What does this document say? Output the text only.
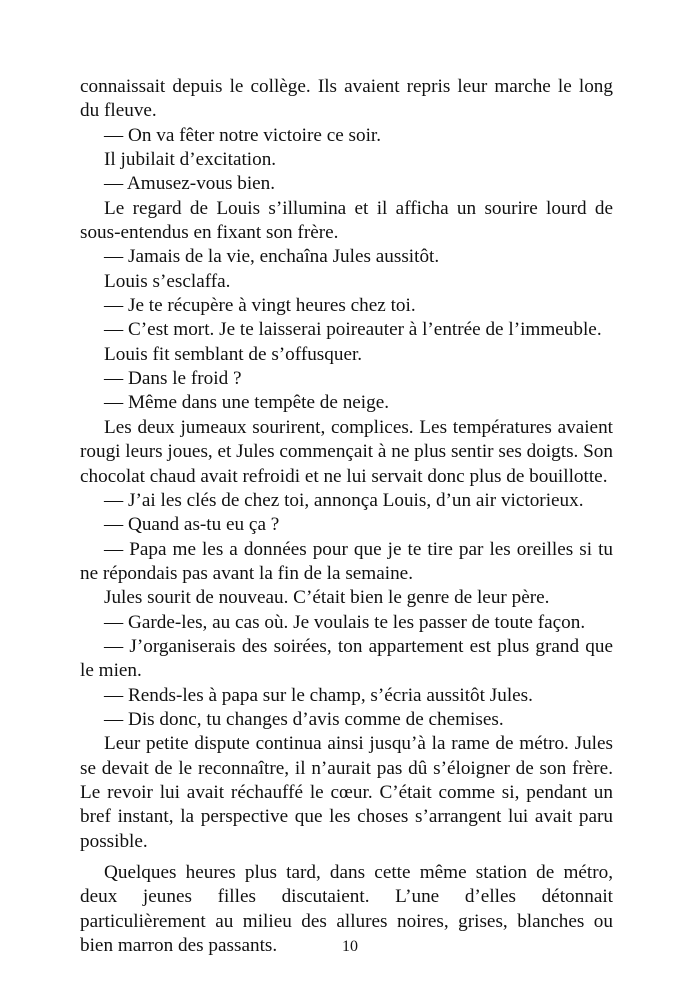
connaissait depuis le collège. Ils avaient repris leur marche le long du fleuve.

— On va fêter notre victoire ce soir.

Il jubilait d’excitation.

— Amusez-vous bien.

Le regard de Louis s’illumina et il afficha un sourire lourd de sous-entendus en fixant son frère.

— Jamais de la vie, enchaîna Jules aussitôt.

Louis s’esclaffa.

— Je te récupère à vingt heures chez toi.

— C’est mort. Je te laisserai poireauter à l’entrée de l’immeuble.

Louis fit semblant de s’offusquer.

— Dans le froid ?

— Même dans une tempête de neige.

Les deux jumeaux sourirent, complices. Les températures avaient rougi leurs joues, et Jules commençait à ne plus sentir ses doigts. Son chocolat chaud avait refroidi et ne lui servait donc plus de bouillotte.

— J’ai les clés de chez toi, annonça Louis, d’un air victorieux.

— Quand as-tu eu ça ?

— Papa me les a données pour que je te tire par les oreilles si tu ne répondais pas avant la fin de la semaine.

Jules sourit de nouveau. C’était bien le genre de leur père.

— Garde-les, au cas où. Je voulais te les passer de toute façon.

— J’organiserais des soirées, ton appartement est plus grand que le mien.

— Rends-les à papa sur le champ, s’écria aussitôt Jules.

— Dis donc, tu changes d’avis comme de chemises.

Leur petite dispute continua ainsi jusqu’à la rame de métro. Jules se devait de le reconnaître, il n’aurait pas dû s’éloigner de son frère. Le revoir lui avait réchauffé le cœur. C’était comme si, pendant un bref instant, la perspective que les choses s’arrangent lui avait paru possible.

Quelques heures plus tard, dans cette même station de métro, deux jeunes filles discutaient. L’une d’elles détonnait particulièrement au milieu des allures noires, grises, blanches ou bien marron des passants.	10
